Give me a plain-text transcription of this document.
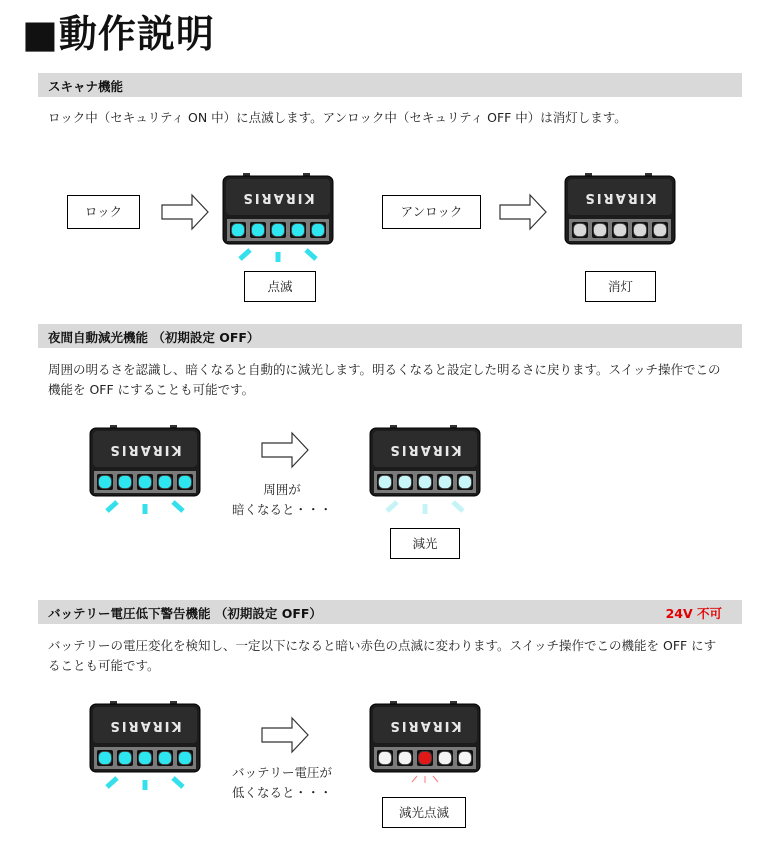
■動作説明
スキャナ機能
ロック中（セキュリティ ON 中）に点滅します。アンロック中（セキュリティ OFF 中）は消灯します。
ロック	アンロック
点滅	消灯
夜間自動減光機能 （初期設定 OFF）
周囲の明るさを認識し、暗くなると自動的に減光します。明るくなると設定した明るさに戻ります。スイッチ操作でこの機能を OFF にすることも可能です。
周囲が
暗くなると・・・
減光
バッテリー電圧低下警告機能 （初期設定 OFF）	24V 不可
バッテリーの電圧変化を検知し、一定以下になると暗い赤色の点滅に変わります。スイッチ操作でこの機能を OFF にすることも可能です。
バッテリー電圧が
低くなると・・・
減光点滅
KIRARIS	KIRARIS
KIRARIS	KIRARIS
KIRARIS	KIRARIS
